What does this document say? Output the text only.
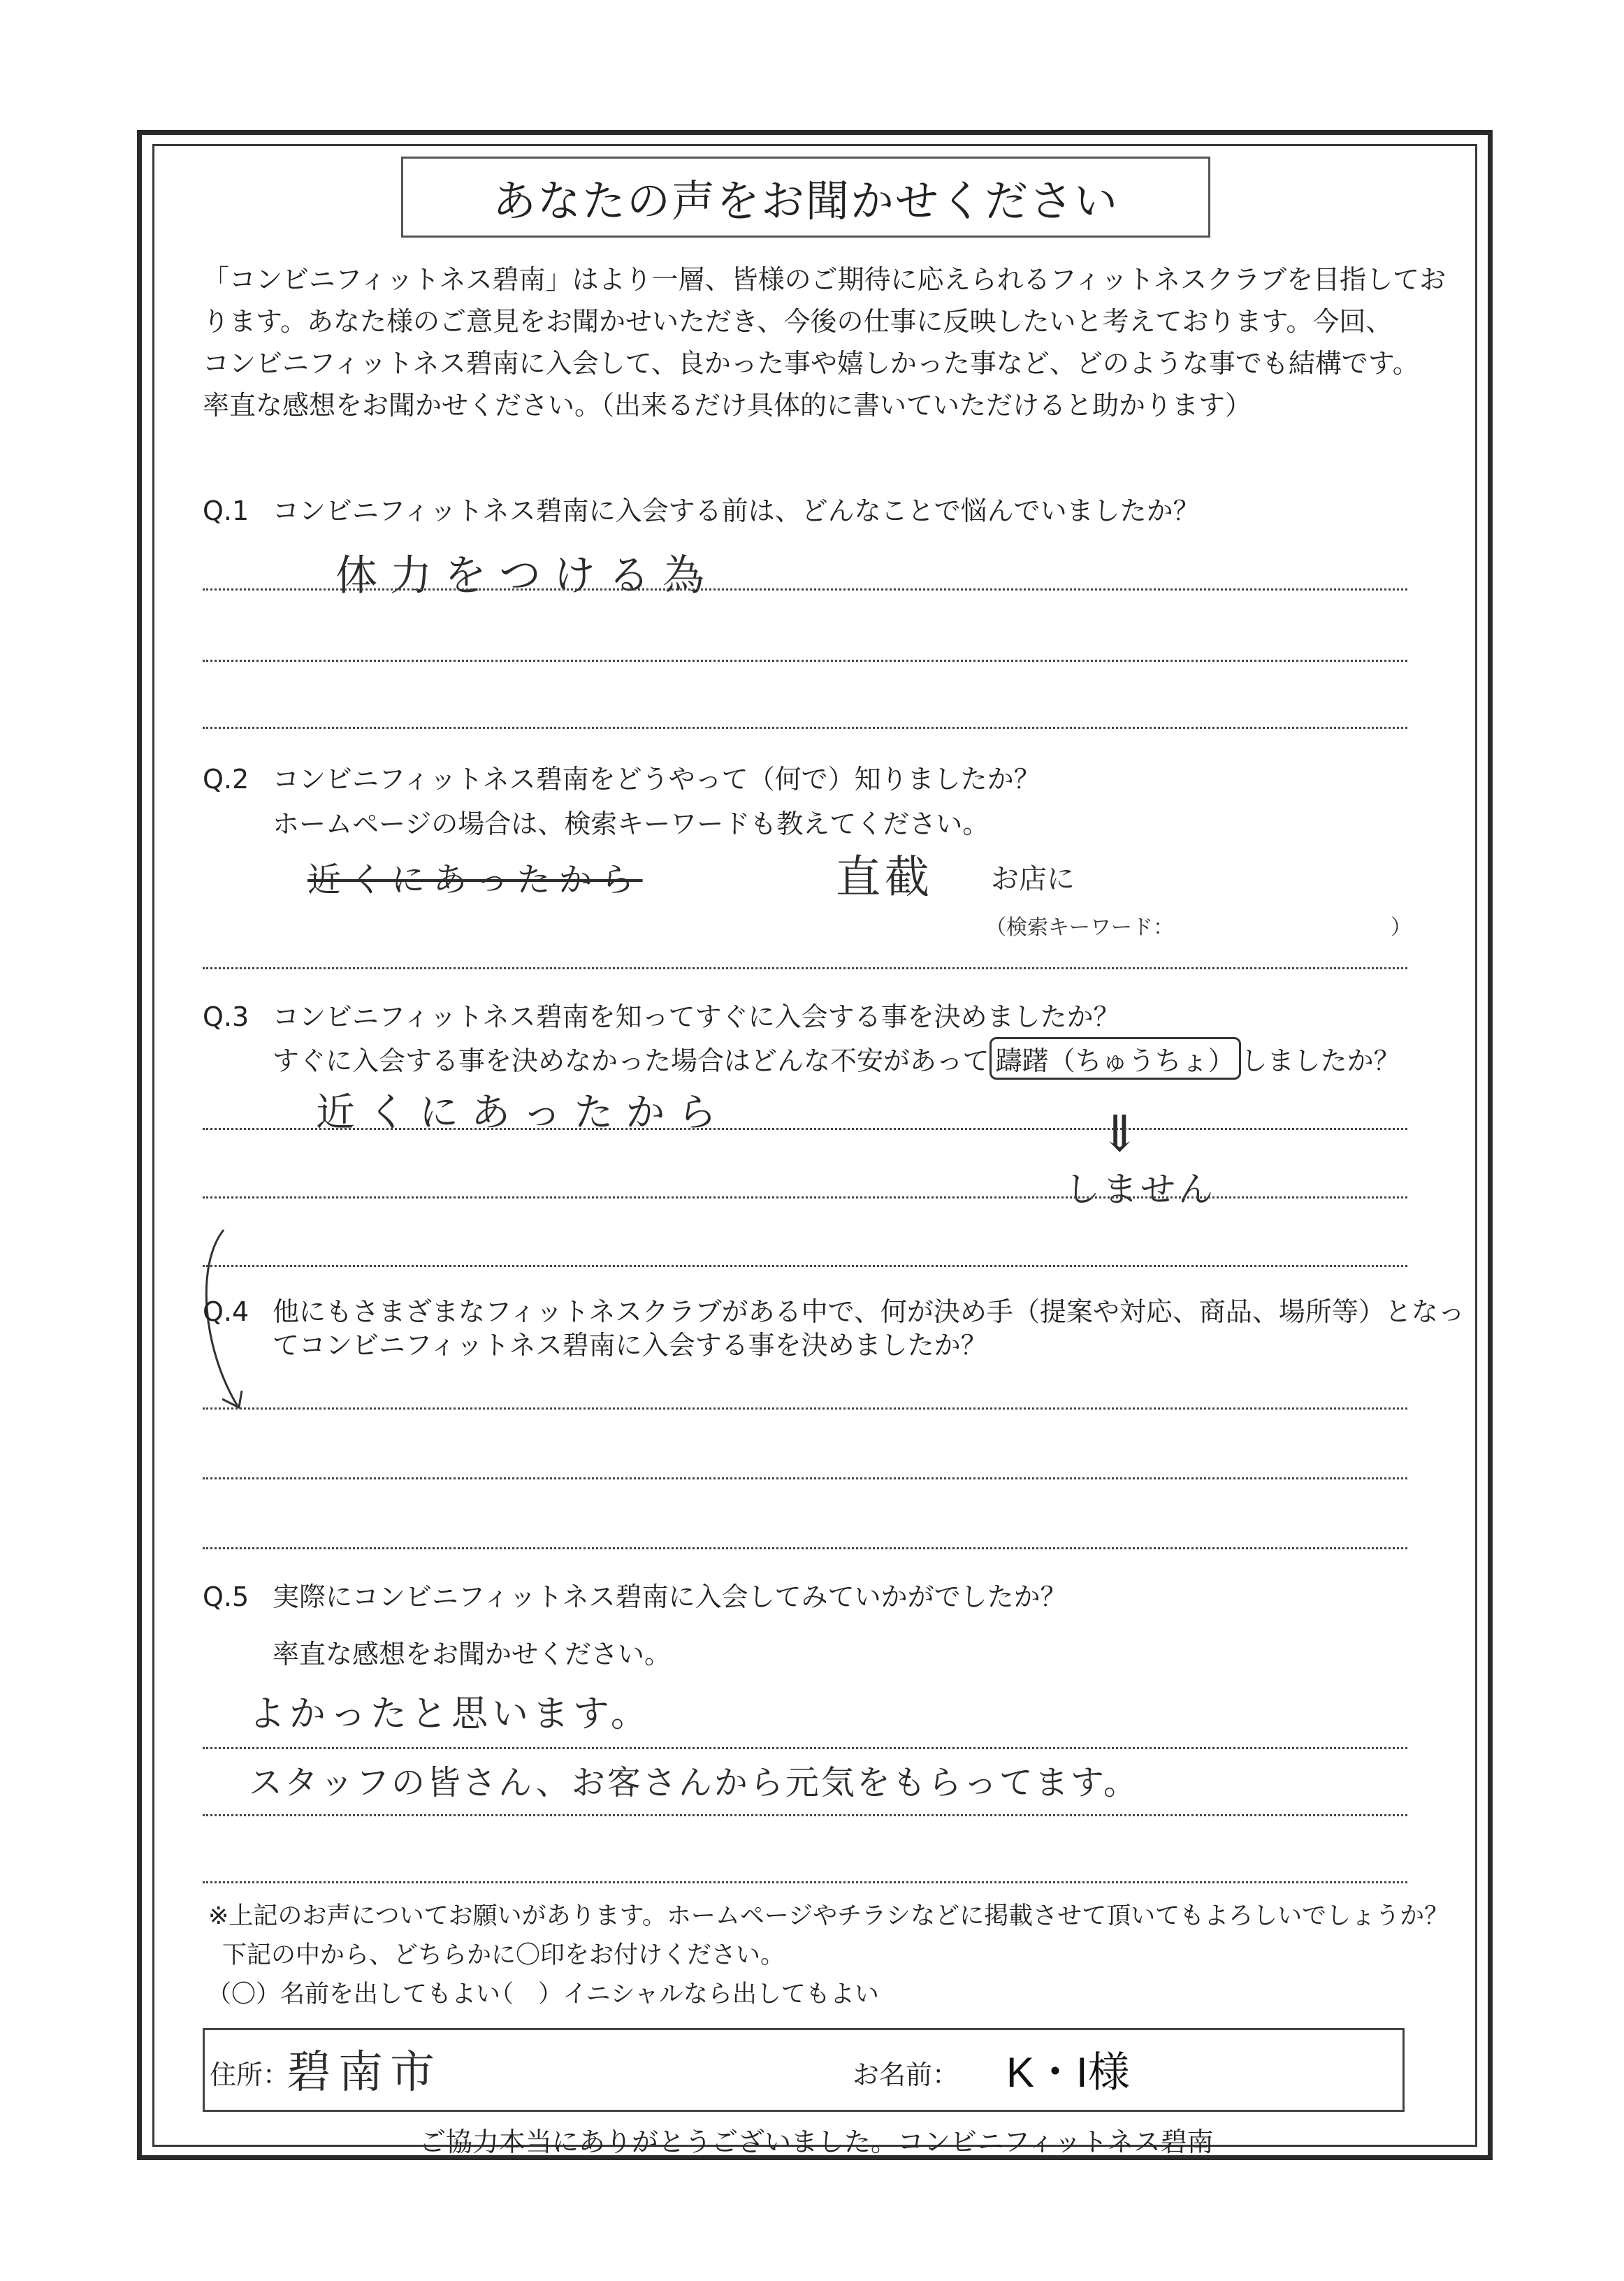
あなたの声をお聞かせください
「コンビニフィットネス碧南」はより一層、皆様のご期待に応えられるフィットネスクラブを目指してお
ります。あなた様のご意見をお聞かせいただき、今後の仕事に反映したいと考えております。今回、
コンビニフィットネス碧南に入会して、良かった事や嬉しかった事など、どのような事でも結構です。
率直な感想をお聞かせください。（出来るだけ具体的に書いていただけると助かります）
Q.1 コンビニフィットネス碧南に入会する前は、どんなことで悩んでいましたか？
体力をつける為
Q.2 コンビニフィットネス碧南をどうやって（何で）知りましたか？
ホームページの場合は、検索キーワードも教えてください。
近くにあったから	直截 お店に
（検索キーワード：	）
Q.3 コンビニフィットネス碧南を知ってすぐに入会する事を決めましたか？
すぐに入会する事を決めなかった場合はどんな不安があって 躊躇（ちゅうちょ） しましたか？
近くにあったから	⇓
しません
Q.4 他にもさまざまなフィットネスクラブがある中で、何が決め手（提案や対応、商品、場所等）となっ
てコンビニフィットネス碧南に入会する事を決めましたか？
Q.5 実際にコンビニフィットネス碧南に入会してみていかがでしたか？
率直な感想をお聞かせください。
よかったと思います。
スタッフの皆さん、お客さんから元気をもらってます。
※上記のお声についてお願いがあります。ホームページやチラシなどに掲載させて頂いてもよろしいでしょうか？
下記の中から、どちらかに〇印をお付けください。
（〇）名前を出してもよい
（　）イニシャルなら出してもよい
住所：
碧南市	お名前： K・I様
ご協力本当にありがとうございました。コンビニフィットネス碧南
